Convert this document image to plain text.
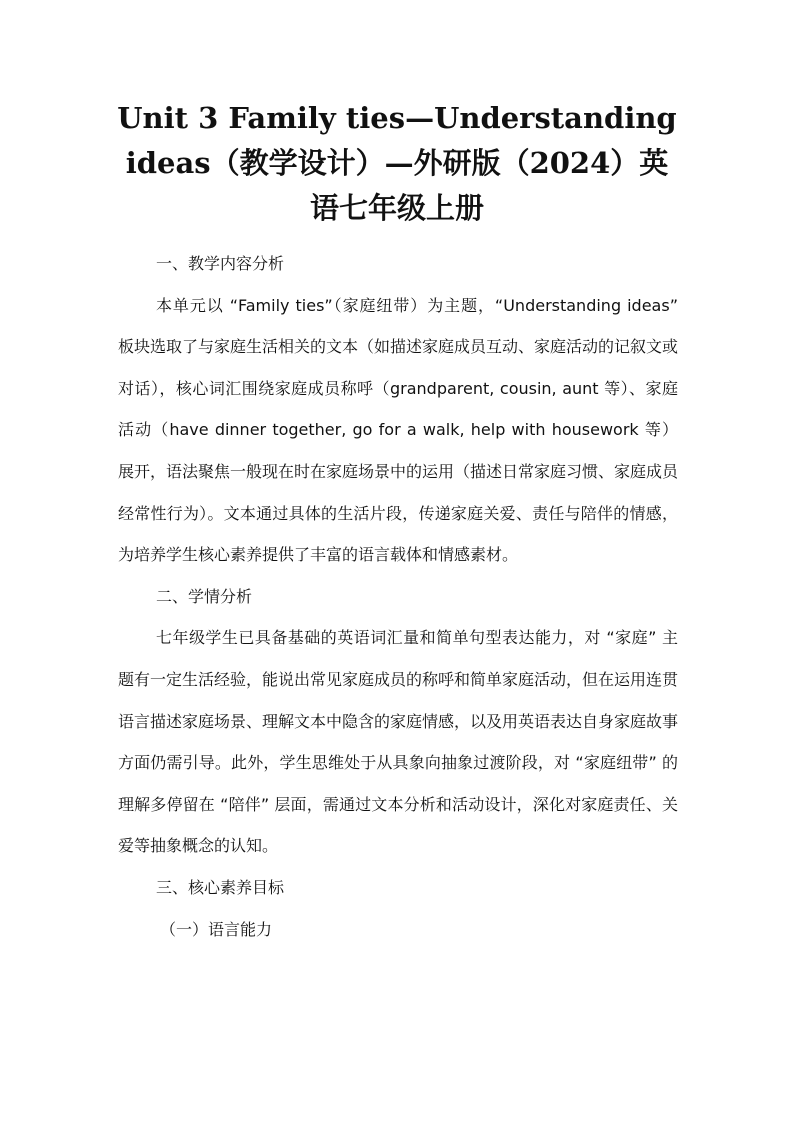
Unit 3 Family ties—Understanding
ideas（教学设计）—外研版（2024）英
语七年级上册
一、教学内容分析

本单元以 “Family ties”（家庭纽带）为主题，“Understanding ideas” 板块选取了与家庭生活相关的文本（如描述家庭成员互动、家庭活动的记叙文或对话），核心词汇围绕家庭成员称呼（grandparent, cousin, aunt 等）、家庭活动（have dinner together, go for a walk, help with housework 等）展开，语法聚焦一般现在时在家庭场景中的运用（描述日常家庭习惯、家庭成员经常性行为）。文本通过具体的生活片段，传递家庭关爱、责任与陪伴的情感，为培养学生核心素养提供了丰富的语言载体和情感素材。

二、学情分析

七年级学生已具备基础的英语词汇量和简单句型表达能力，对 “家庭” 主题有一定生活经验，能说出常见家庭成员的称呼和简单家庭活动，但在运用连贯语言描述家庭场景、理解文本中隐含的家庭情感，以及用英语表达自身家庭故事方面仍需引导。此外，学生思维处于从具象向抽象过渡阶段，对 “家庭纽带” 的理解多停留在 “陪伴” 层面，需通过文本分析和活动设计，深化对家庭责任、关爱等抽象概念的认知。

三、核心素养目标
（一）语言能力
